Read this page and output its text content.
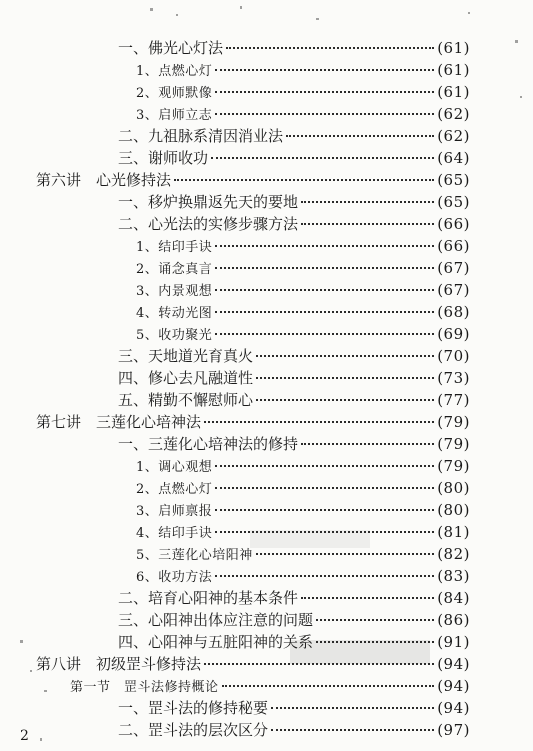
一、佛光心灯法	(61)
1、点燃心灯	(61)
2、观师默像	(61)
3、启师立志	(62)
二、九祖脉系清因消业法	(62)
三、谢师收功	(64)
第六讲　心光修持法	(65)
一、移炉换鼎返先天的要地	(65)
二、心光法的实修步骤方法	(66)
1、结印手诀	(66)
2、诵念真言	(67)
3、内景观想	(67)
4、转动光图	(68)
5、收功聚光	(69)
三、天地道光育真火	(70)
四、修心去凡融道性	(73)
五、精勤不懈慰师心	(77)
第七讲　三莲化心培神法	(79)
一、三莲化心培神法的修持	(79)
1、调心观想	(79)
2、点燃心灯	(80)
3、启师禀报	(80)
4、结印手诀	(81)
5、三莲化心培阳神	(82)
6、收功方法	(83)
二、培育心阳神的基本条件	(84)
三、心阳神出体应注意的问题	(86)
四、心阳神与五脏阳神的关系	(91)
第八讲　初级罡斗修持法	(94)
第一节　罡斗法修持概论	(94)
一、罡斗法的修持秘要	(94)
二、罡斗法的层次区分	(97)
2
